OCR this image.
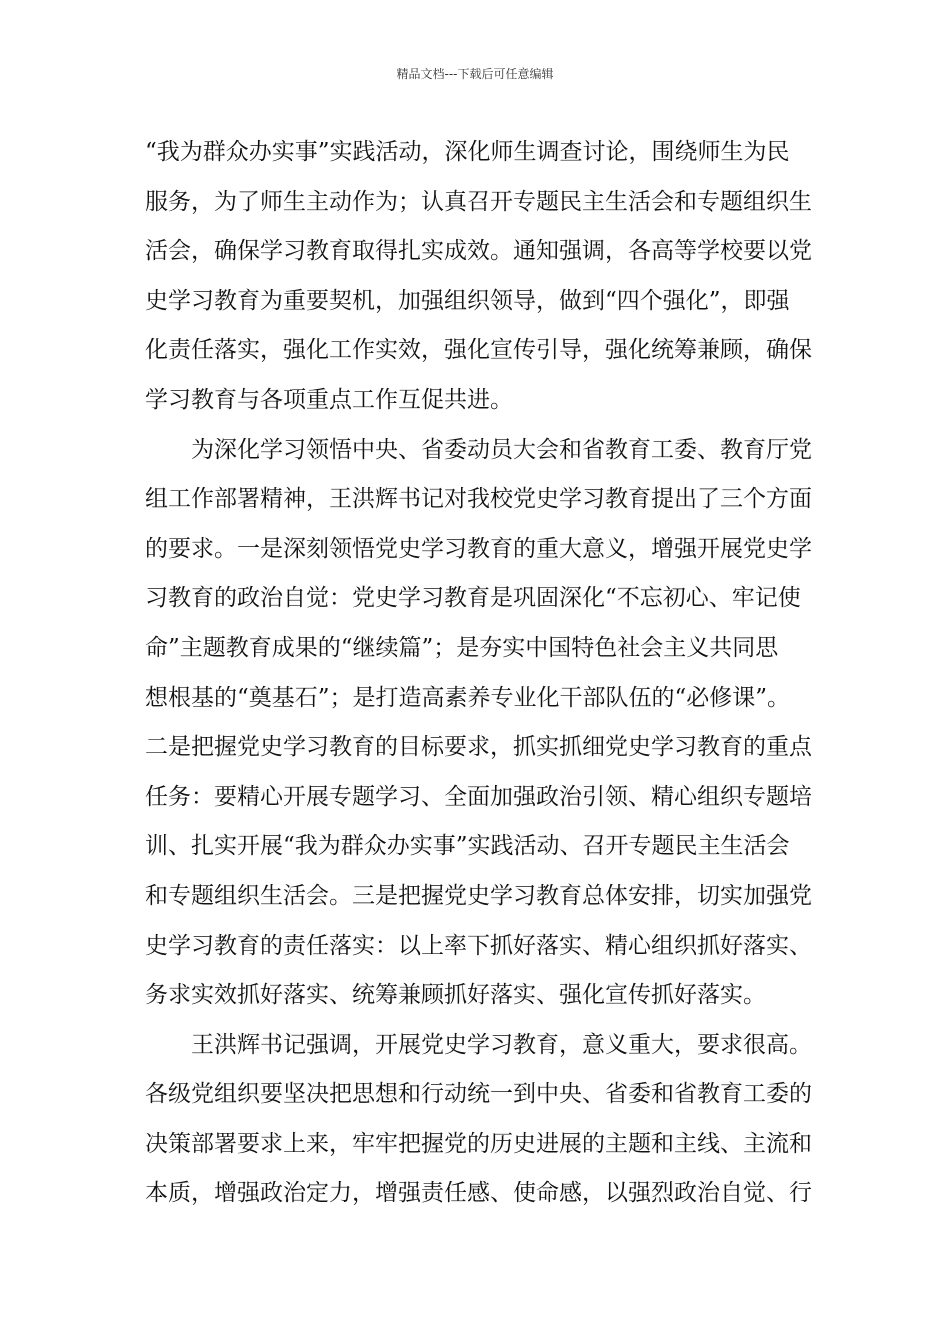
精品文档---下载后可任意编辑
“我为群众办实事”实践活动，深化师生调查讨论，围绕师生为民
服务，为了师生主动作为；认真召开专题民主生活会和专题组织生
活会，确保学习教育取得扎实成效。通知强调，各高等学校要以党
史学习教育为重要契机，加强组织领导，做到“四个强化”，即强
化责任落实，强化工作实效，强化宣传引导，强化统筹兼顾，确保
学习教育与各项重点工作互促共进。
为深化学习领悟中央、省委动员大会和省教育工委、教育厅党
组工作部署精神，王洪辉书记对我校党史学习教育提出了三个方面
的要求。一是深刻领悟党史学习教育的重大意义，增强开展党史学
习教育的政治自觉：党史学习教育是巩固深化“不忘初心、牢记使
命”主题教育成果的“继续篇”；是夯实中国特色社会主义共同思
想根基的“奠基石”；是打造高素养专业化干部队伍的“必修课”。
二是把握党史学习教育的目标要求，抓实抓细党史学习教育的重点
任务：要精心开展专题学习、全面加强政治引领、精心组织专题培
训、扎实开展“我为群众办实事”实践活动、召开专题民主生活会
和专题组织生活会。三是把握党史学习教育总体安排，切实加强党
史学习教育的责任落实：以上率下抓好落实、精心组织抓好落实、
务求实效抓好落实、统筹兼顾抓好落实、强化宣传抓好落实。
王洪辉书记强调，开展党史学习教育，意义重大，要求很高。
各级党组织要坚决把思想和行动统一到中央、省委和省教育工委的
决策部署要求上来，牢牢把握党的历史进展的主题和主线、主流和
本质，增强政治定力，增强责任感、使命感，以强烈政治自觉、行
